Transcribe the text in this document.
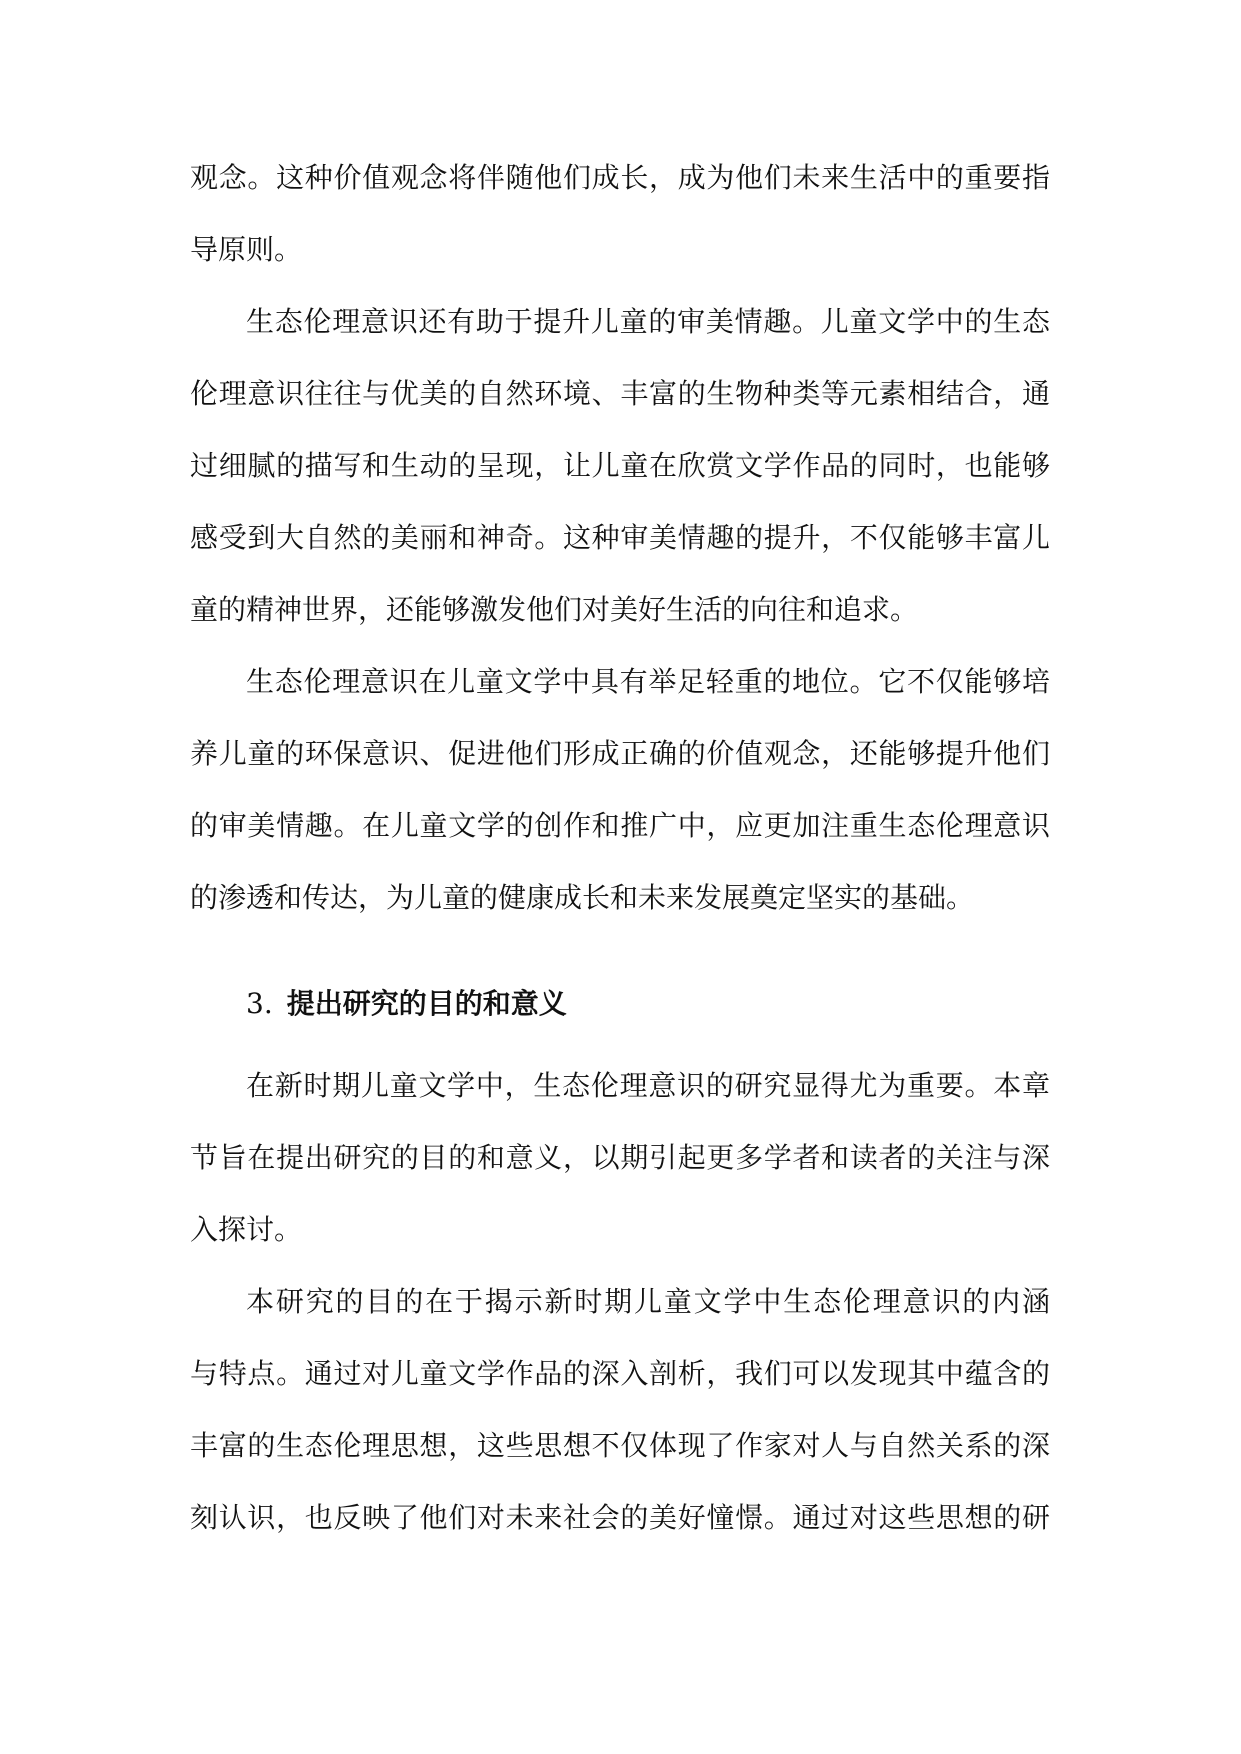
观念。这种价值观念将伴随他们成长，成为他们未来生活中的重要指
导原则。
生态伦理意识还有助于提升儿童的审美情趣。儿童文学中的生态
伦理意识往往与优美的自然环境、丰富的生物种类等元素相结合，通
过细腻的描写和生动的呈现，让儿童在欣赏文学作品的同时，也能够
感受到大自然的美丽和神奇。这种审美情趣的提升，不仅能够丰富儿
童的精神世界，还能够激发他们对美好生活的向往和追求。
生态伦理意识在儿童文学中具有举足轻重的地位。它不仅能够培
养儿童的环保意识、促进他们形成正确的价值观念，还能够提升他们
的审美情趣。在儿童文学的创作和推广中，应更加注重生态伦理意识
的渗透和传达，为儿童的健康成长和未来发展奠定坚实的基础。
3. 提出研究的目的和意义
在新时期儿童文学中，生态伦理意识的研究显得尤为重要。本章
节旨在提出研究的目的和意义，以期引起更多学者和读者的关注与深
入探讨。
本研究的目的在于揭示新时期儿童文学中生态伦理意识的内涵
与特点。通过对儿童文学作品的深入剖析，我们可以发现其中蕴含的
丰富的生态伦理思想，这些思想不仅体现了作家对人与自然关系的深
刻认识，也反映了他们对未来社会的美好憧憬。通过对这些思想的研
